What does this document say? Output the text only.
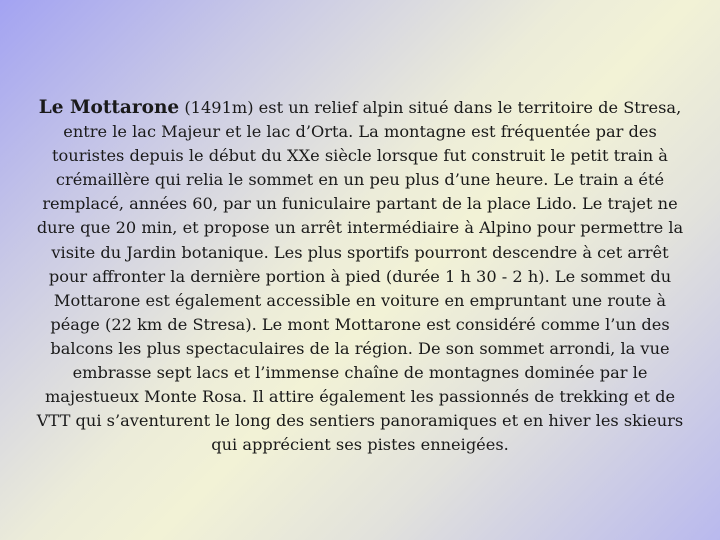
Le Mottarone (1491m) est un relief alpin situé dans le territoire de Stresa, entre le lac Majeur et le lac d’Orta. La montagne est fréquentée par des touristes depuis le début du XXe siècle lorsque fut construit le petit train à crémaillère qui relia le sommet en un peu plus d’une heure. Le train a été remplacé, années 60, par un funiculaire partant de la place Lido. Le trajet ne dure que 20 min, et propose un arrêt intermédiaire à Alpino pour permettre la visite du Jardin botanique. Les plus sportifs pourront descendre à cet arrêt pour affronter la dernière portion à pied (durée 1 h 30 - 2 h). Le sommet du Mottarone est également accessible en voiture en empruntant une route à péage (22 km de Stresa). Le mont Mottarone est considéré comme l’un des balcons les plus spectaculaires de la région. De son sommet arrondi, la vue embrasse sept lacs et l’immense chaîne de montagnes dominée par le majestueux Monte Rosa. Il attire également les passionnés de trekking et de VTT qui s’aventurent le long des sentiers panoramiques et en hiver les skieurs qui apprécient ses pistes enneigées.
